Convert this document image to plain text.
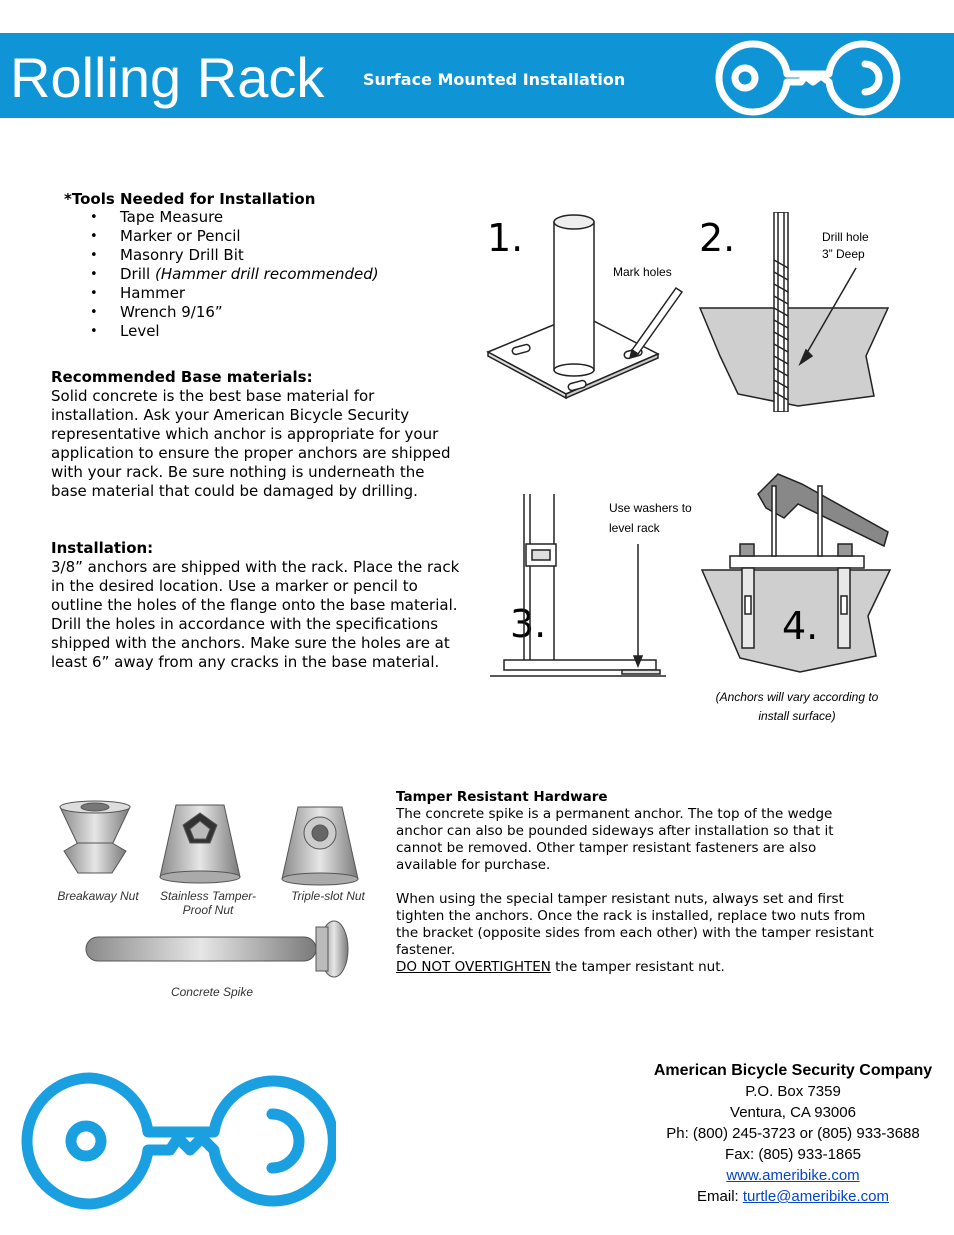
Rolling Rack Surface Mounted Installation
*Tools Needed for Installation
• Tape Measure
• Marker or Pencil
• Masonry Drill Bit
• Drill (Hammer drill recommended)
• Hammer
• Wrench 9/16”
• Level
Recommended Base materials:
Solid concrete is the best base material for installation. Ask your American Bicycle Security representative which anchor is appropriate for your application to ensure the proper anchors are shipped with your rack. Be sure nothing is underneath the base material that could be damaged by drilling.
Installation:
3/8” anchors are shipped with the rack. Place the rack in the desired location. Use a marker or pencil to outline the holes of the flange onto the base material. Drill the holes in accordance with the specifications shipped with the anchors. Make sure the holes are at least 6” away from any cracks in the base material.
1.
Mark holes
2.	Drill hole
3” Deep
3.
Use washers to
level rack
4.
(Anchors will vary according to
install surface)
Breakaway Nut	Stainless Tamper-
Proof Nut
Triple-slot Nut
Concrete Spike
Tamper Resistant Hardware
The concrete spike is a permanent anchor. The top of the wedge anchor can also be pounded sideways after installation so that it cannot be removed. Other tamper resistant fasteners are also available for purchase.
When using the special tamper resistant nuts, always set and first tighten the anchors. Once the rack is installed, replace two nuts from the bracket (opposite sides from each other) with the tamper resistant fastener.
DO NOT OVERTIGHTEN the tamper resistant nut.
American Bicycle Security Company
P.O. Box 7359
Ventura, CA 93006
Ph: (800) 245-3723 or (805) 933-3688
Fax: (805) 933-1865
www.ameribike.com
Email: turtle@ameribike.com
